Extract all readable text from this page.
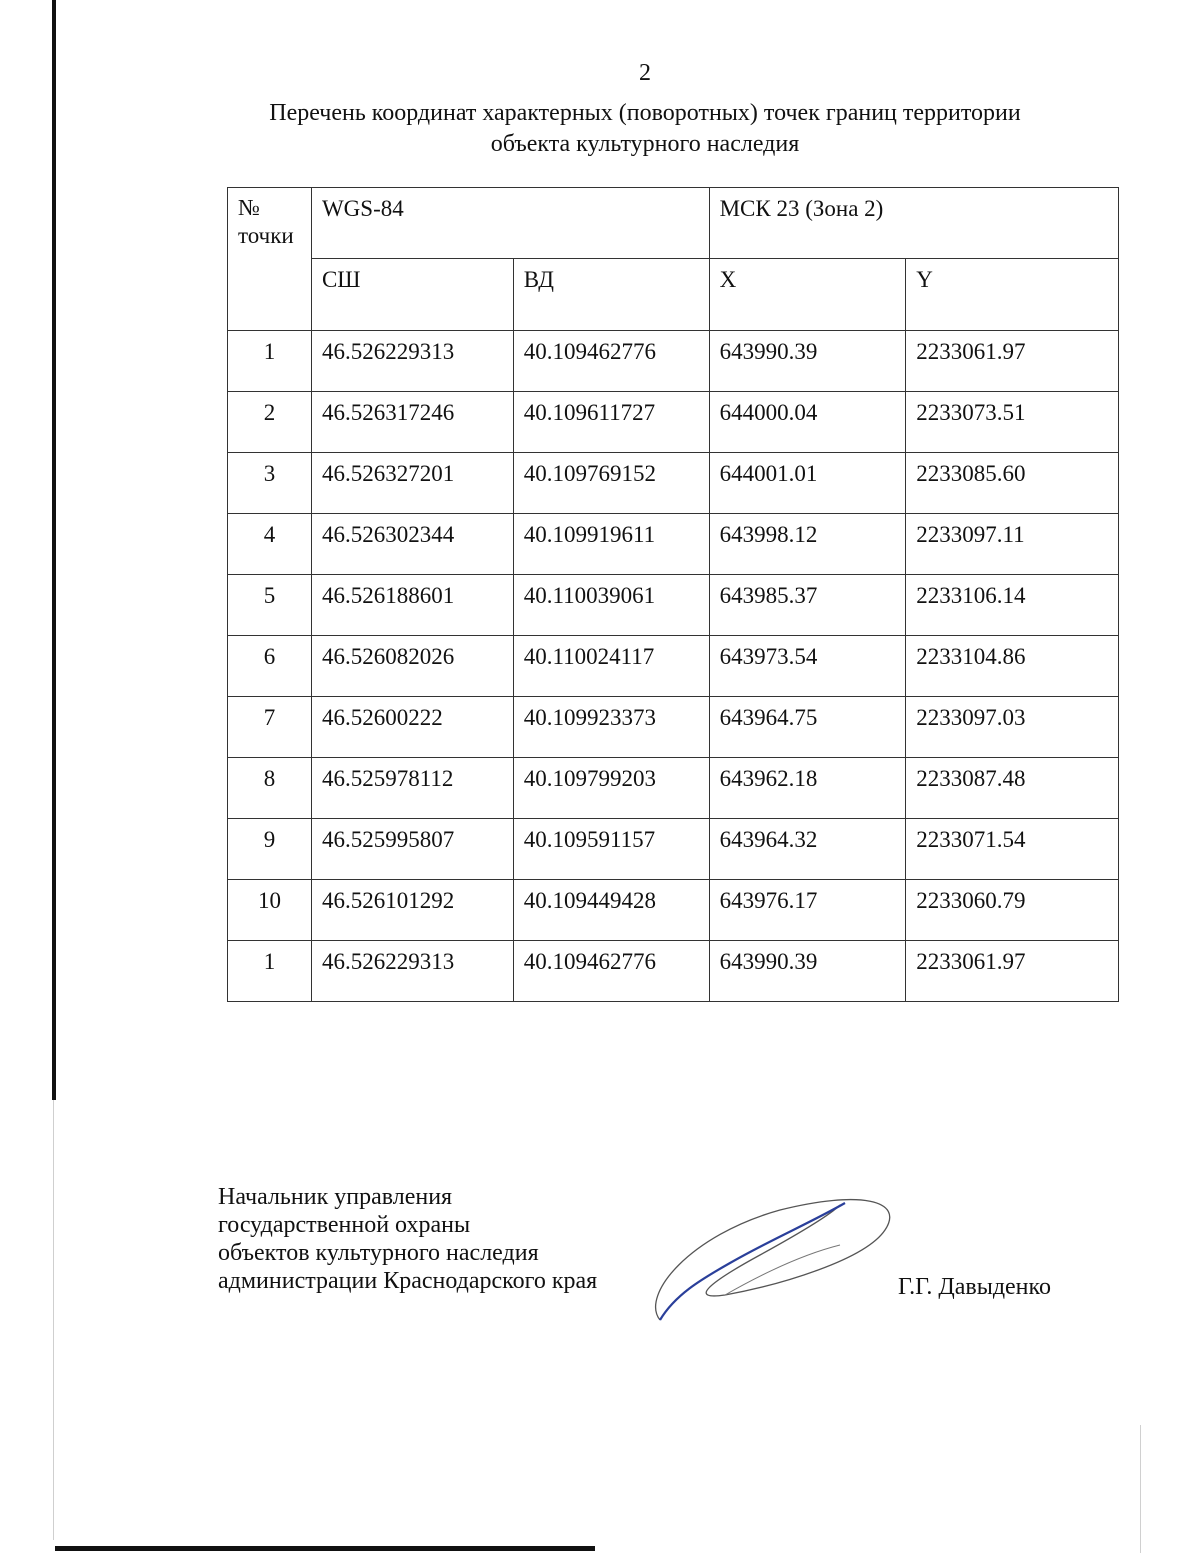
2
Перечень координат характерных (поворотных) точек границ территории
объекта культурного наследия
№
точки	WGS-84		МСК 23 (Зона 2)	
	СШ	ВД	X	Y
1	46.526229313	40.109462776	643990.39	2233061.97
2	46.526317246	40.109611727	644000.04	2233073.51
3	46.526327201	40.109769152	644001.01	2233085.60
4	46.526302344	40.109919611	643998.12	2233097.11
5	46.526188601	40.110039061	643985.37	2233106.14
6	46.526082026	40.110024117	643973.54	2233104.86
7	46.52600222	40.109923373	643964.75	2233097.03
8	46.525978112	40.109799203	643962.18	2233087.48
9	46.525995807	40.109591157	643964.32	2233071.54
10	46.526101292	40.109449428	643976.17	2233060.79
1	46.526229313	40.109462776	643990.39	2233061.97
Начальник управления
государственной охраны
объектов культурного наследия
администрации Краснодарского края	Г.Г. Давыденко
